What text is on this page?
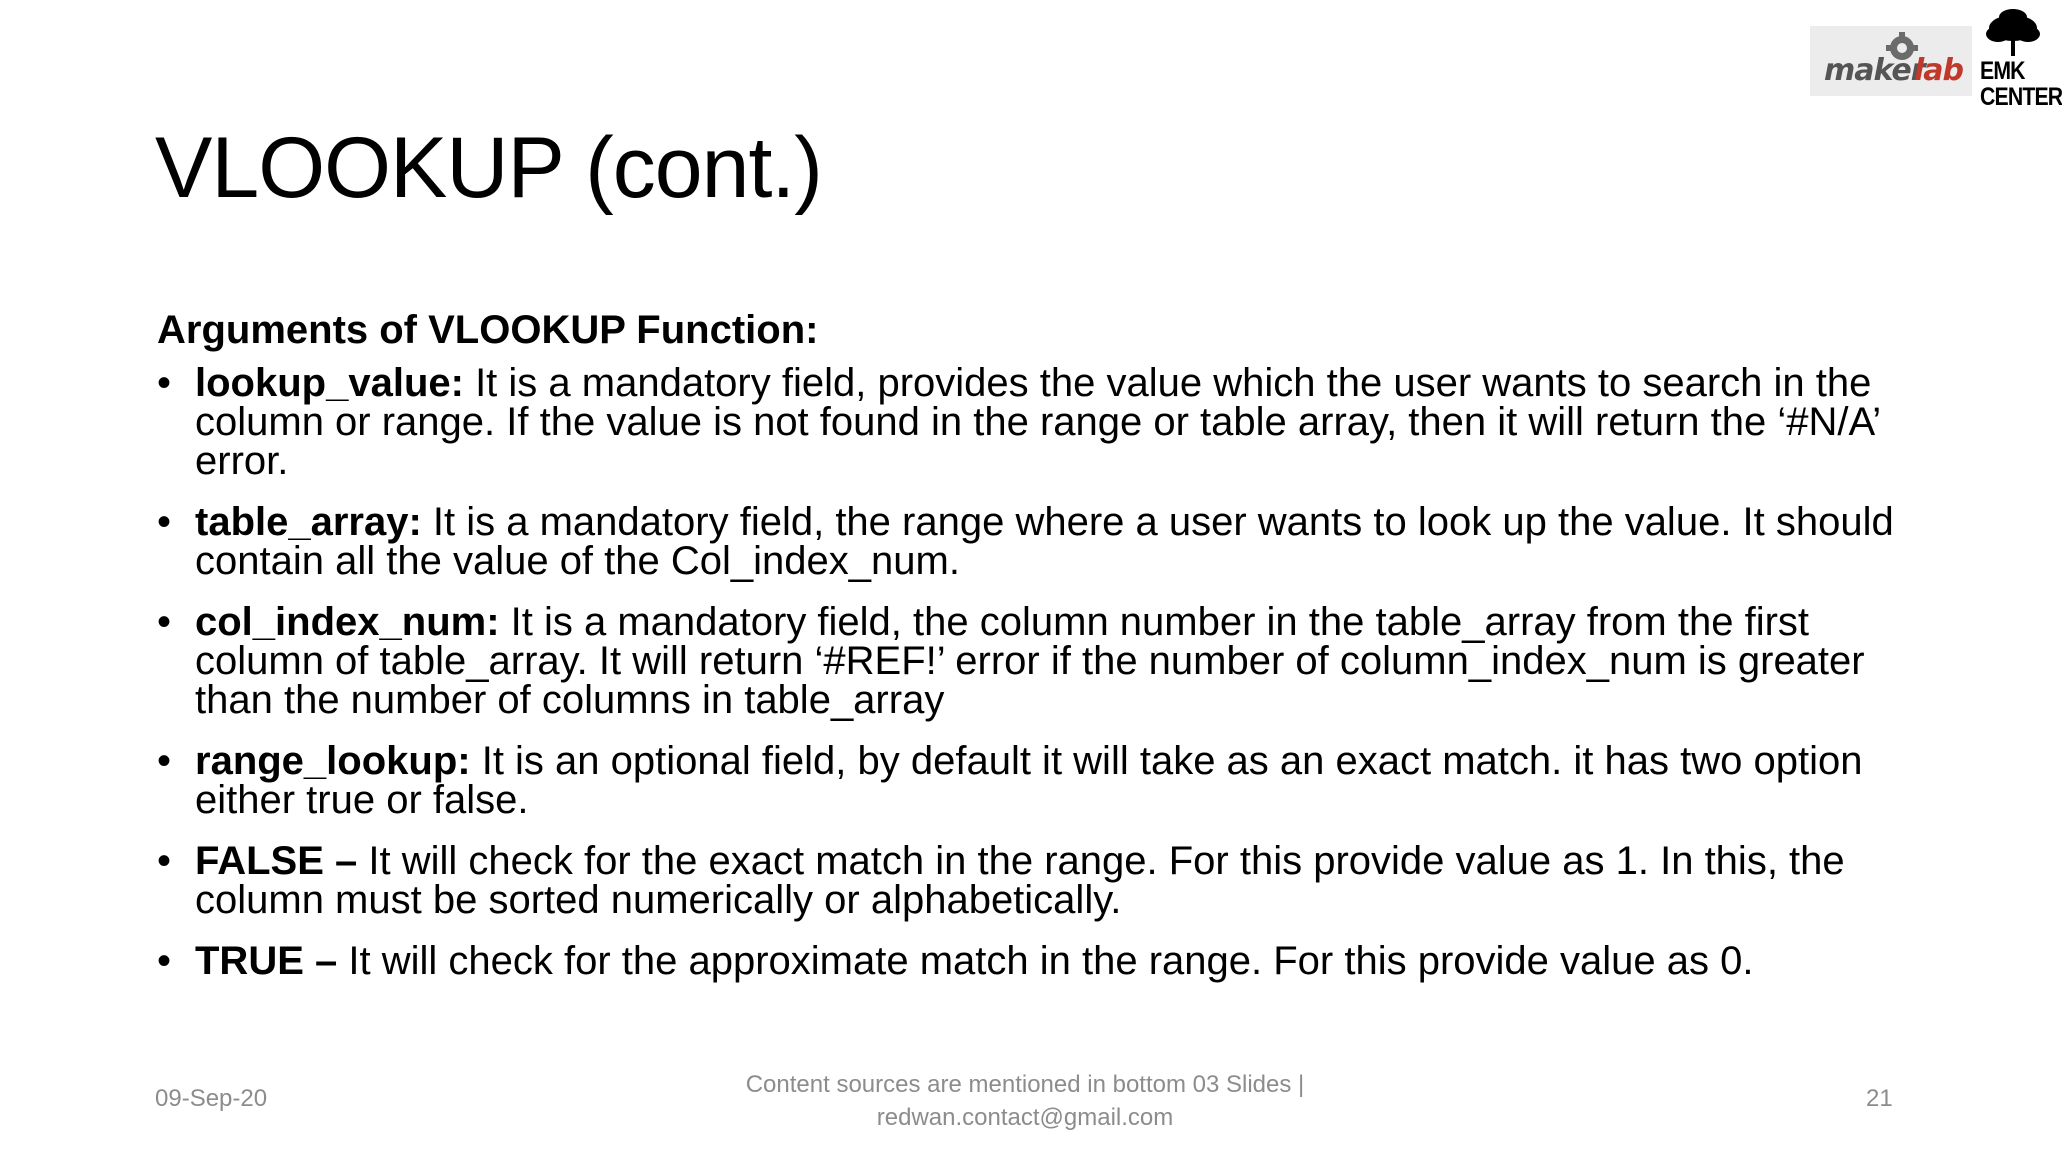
maker
lab EMK
CENTER
VLOOKUP (cont.)
Arguments of VLOOKUP Function:
• lookup_value: It is a mandatory field, provides the value which the user wants to search in the column or range. If the value is not found in the range or table array, then it will return the ‘#N/A’ error.
• table_array: It is a mandatory field, the range where a user wants to look up the value. It should contain all the value of the Col_index_num.
• col_index_num: It is a mandatory field, the column number in the table_array from the first column of table_array. It will return ‘#REF!’ error if the number of column_index_num is greater than the number of columns in table_array
• range_lookup: It is an optional field, by default it will take as an exact match. it has two option either true or false.
• FALSE – It will check for the exact match in the range. For this provide value as 1. In this, the column must be sorted numerically or alphabetically.
• TRUE – It will check for the approximate match in the range. For this provide value as 0.
09-Sep-20
Content sources are mentioned in bottom 03 Slides |
redwan.contact@gmail.com
21
